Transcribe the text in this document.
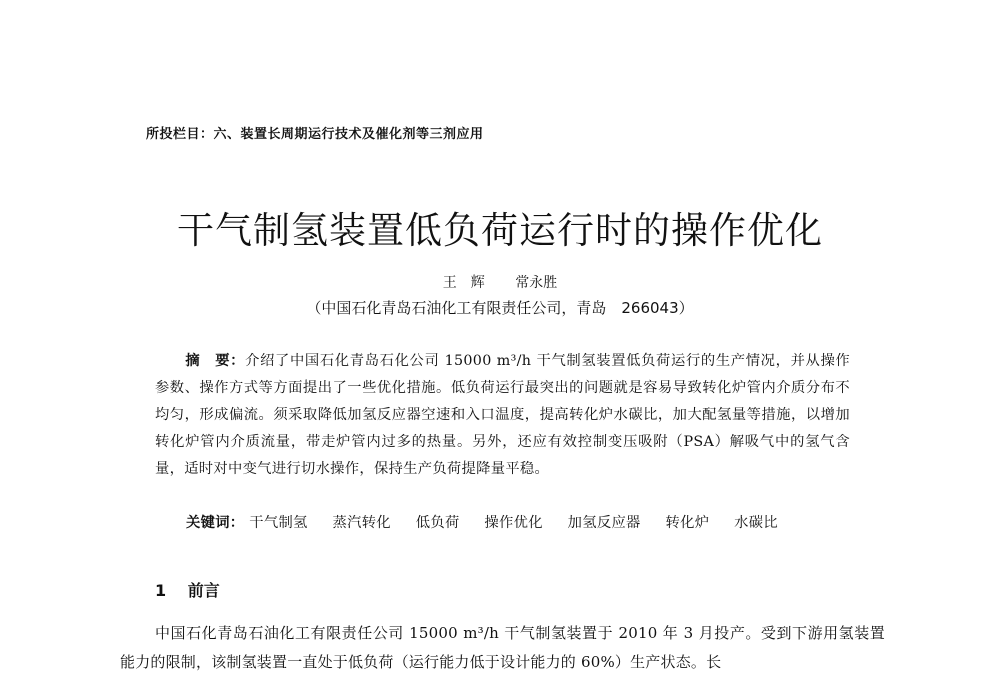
所投栏目：六、装置长周期运行技术及催化剂等三剂应用
干气制氢装置低负荷运行时的操作优化
王　辉 常永胜
（中国石化青岛石油化工有限责任公司，青岛　266043）
摘　要：介绍了中国石化青岛石化公司 15000 m³/h 干气制氢装置低负荷运行的生产情况，并从操作参数、操作方式等方面提出了一些优化措施。低负荷运行最突出的问题就是容易导致转化炉管内介质分布不均匀，形成偏流。须采取降低加氢反应器空速和入口温度，提高转化炉水碳比，加大配氢量等措施，以增加转化炉管内介质流量，带走炉管内过多的热量。另外，还应有效控制变压吸附（PSA）解吸气中的氢气含量，适时对中变气进行切水操作，保持生产负荷提降量平稳。
关键词： 干气制氢 蒸汽转化 低负荷 操作优化 加氢反应器 转化炉 水碳比
1 前言
中国石化青岛石油化工有限责任公司 15000 m³/h 干气制氢装置于 2010 年 3 月投产。受到下游用氢装置能力的限制，该制氢装置一直处于低负荷（运行能力低于设计能力的 60%）生产状态。长
